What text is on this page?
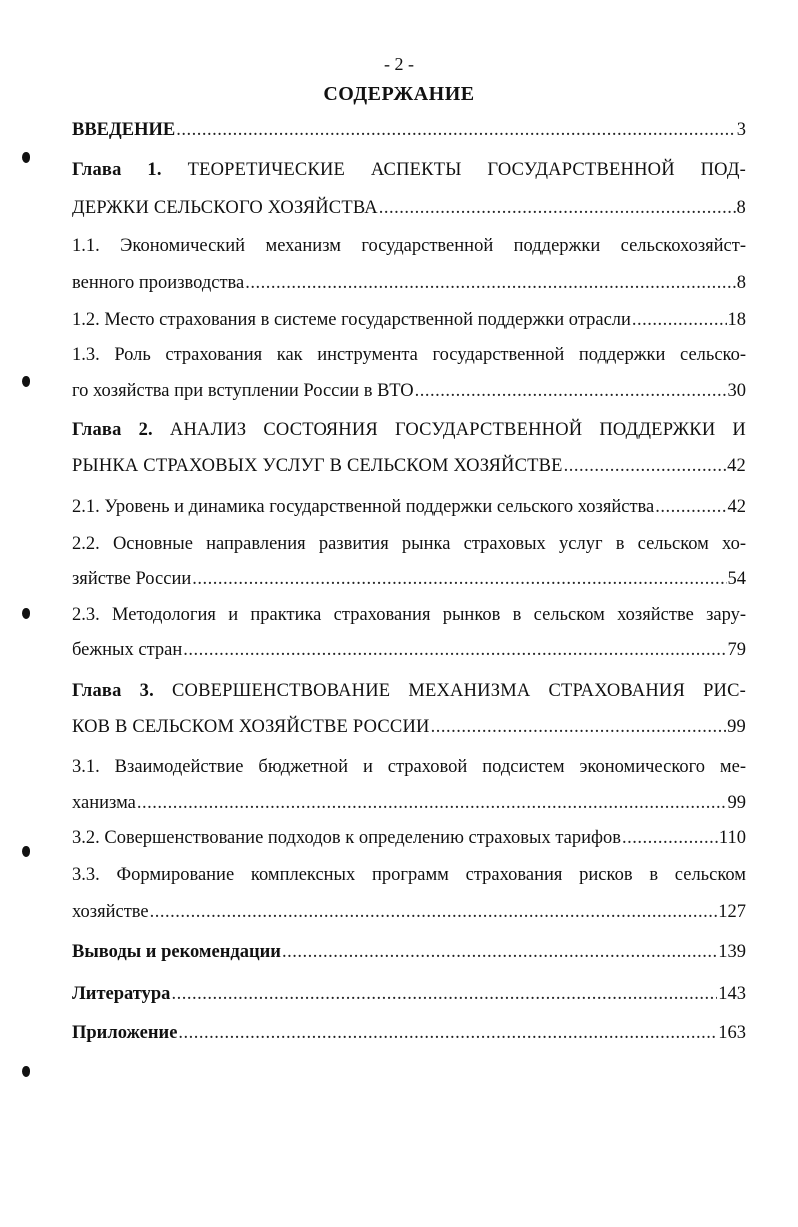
- 2 -
СОДЕРЖАНИЕ
ВВЕДЕНИЕ .....	3
Глава 1. ТЕОРЕТИЧЕСКИЕ АСПЕКТЫ ГОСУДАРСТВЕННОЙ ПОД-
ДЕРЖКИ СЕЛЬСКОГО ХОЗЯЙСТВА .....	8
1.1. Экономический механизм государственной поддержки сельскохозяйст-
венного производства .....	8
1.2. Место страхования в системе государственной поддержки отрасли .....	18
1.3. Роль страхования как инструмента государственной поддержки сельско-
го хозяйства при вступлении России в ВТО .....	30
Глава 2. АНАЛИЗ СОСТОЯНИЯ ГОСУДАРСТВЕННОЙ ПОДДЕРЖКИ И
РЫНКА СТРАХОВЫХ УСЛУГ В СЕЛЬСКОМ ХОЗЯЙСТВЕ .....	42
2.1. Уровень и динамика государственной поддержки сельского хозяйства .....	42
2.2. Основные направления развития рынка страховых услуг в сельском хо-
зяйстве России .....	54
2.3. Методология и практика страхования рынков в сельском хозяйстве зару-
бежных стран .....	79
Глава 3. СОВЕРШЕНСТВОВАНИЕ МЕХАНИЗМА СТРАХОВАНИЯ РИС-
КОВ В СЕЛЬСКОМ ХОЗЯЙСТВЕ РОССИИ .....	99
3.1. Взаимодействие бюджетной и страховой подсистем экономического ме-
ханизма .....	99
3.2. Совершенствование подходов к определению страховых тарифов .....	110
3.3. Формирование комплексных программ страхования рисков в сельском
хозяйстве .....	127
Выводы и рекомендации .....	139
Литература .....	143
Приложение .....	163
